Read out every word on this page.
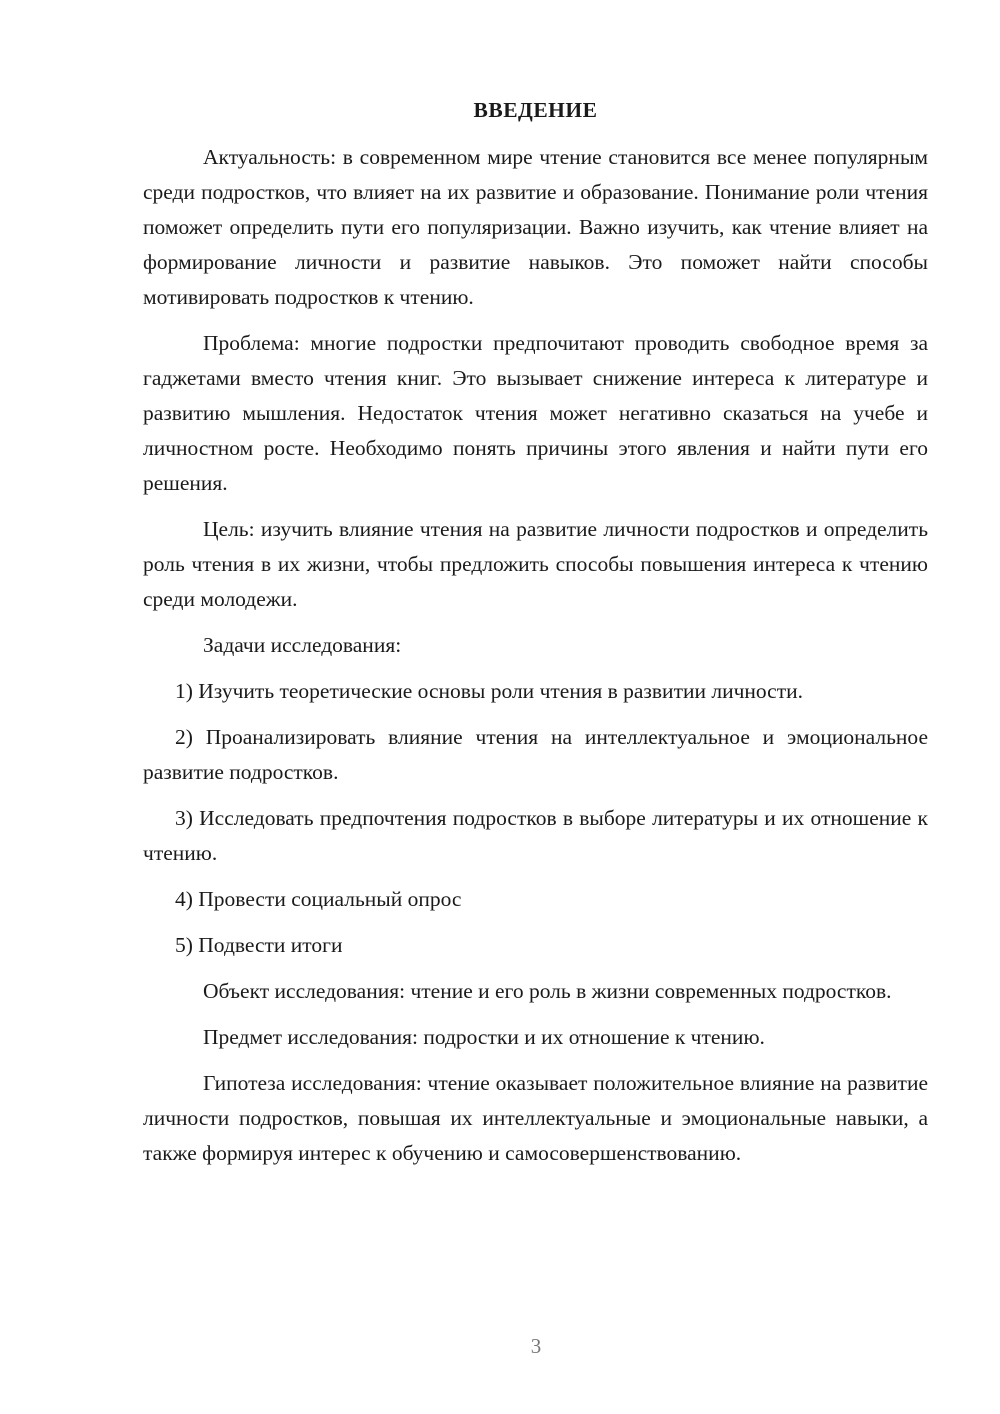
ВВЕДЕНИЕ

Актуальность: в современном мире чтение становится все менее популярным среди подростков, что влияет на их развитие и образование. Понимание роли чтения поможет определить пути его популяризации. Важно изучить, как чтение влияет на формирование личности и развитие навыков. Это поможет найти способы мотивировать подростков к чтению.

Проблема: многие подростки предпочитают проводить свободное время за гаджетами вместо чтения книг. Это вызывает снижение интереса к литературе и развитию мышления. Недостаток чтения может негативно сказаться на учебе и личностном росте. Необходимо понять причины этого явления и найти пути его решения.

Цель: изучить влияние чтения на развитие личности подростков и определить роль чтения в их жизни, чтобы предложить способы повышения интереса к чтению среди молодежи.

Задачи исследования:

1) Изучить теоретические основы роли чтения в развитии личности.

2) Проанализировать влияние чтения на интеллектуальное и эмоциональное развитие подростков.

3) Исследовать предпочтения подростков в выборе литературы и их отношение к чтению.

4) Провести социальный опрос

5) Подвести итоги

Объект исследования: чтение и его роль в жизни современных подростков.

Предмет исследования: подростки и их отношение к чтению.

Гипотеза исследования: чтение оказывает положительное влияние на развитие личности подростков, повышая их интеллектуальные и эмоциональные навыки, а также формируя интерес к обучению и самосовершенствованию.

3
